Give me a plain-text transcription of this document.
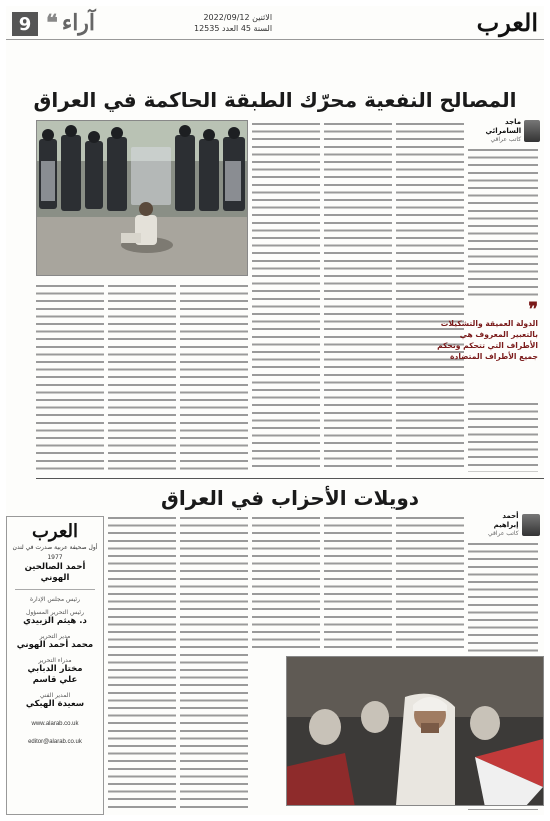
9	آراء
❝	الاثنين 2022/09/12
السنة 45 العدد 12535	العرب
المصالح النفعية محرّك الطبقة الحاكمة في العراق
ماجد السامرائي
كاتب عراقي
❞
الدولة العميقة والتشكيلات بالتعبير المعروف هي الأطراف التي تتحكم وتحكم جميع الأطراف المتضادة
دويلات الأحزاب في العراق
أحمد إبراهيم
كاتب عراقي
العرب
أول صحيفة عربية صدرت في لندن
1977
أحمد الصالحين الهوني
رئيس مجلس الإدارة
رئيس التحرير المسؤول
د. هيثم الزبيدي
مدير التحرير
محمد أحمد الهوني
مدراء التحرير
مختار الدبابي
علي قاسم
المدير الفني
سعيدة الهبكي
www.alarab.co.uk
editor@alarab.co.uk
